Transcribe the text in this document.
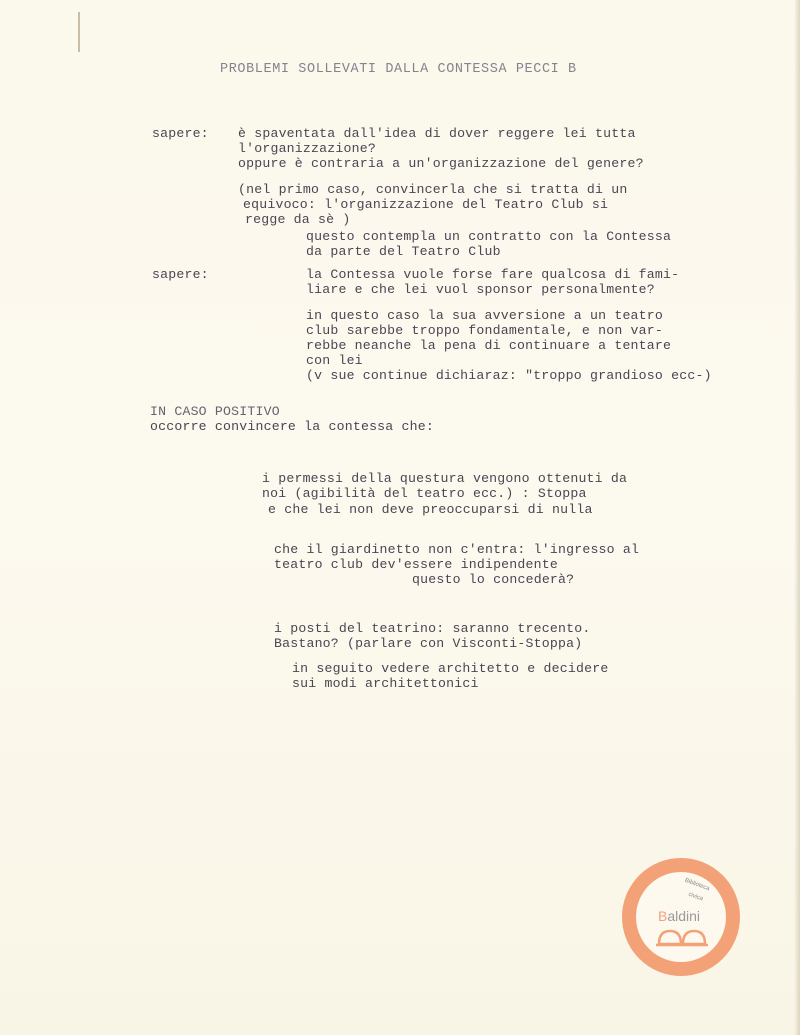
PROBLEMI SOLLEVATI DALLA CONTESSA PECCI B
sapere: è spaventata dall'idea di dover reggere lei tutta
l'organizzazione?
oppure è contraria a un'organizzazione del genere?
(nel primo caso, convincerla che si tratta di un
equivoco: l'organizzazione del Teatro Club si
regge da sè )
questo contempla un contratto con la Contessa
da parte del Teatro Club
sapere:	la Contessa vuole forse fare qualcosa di fami-
liare e che lei vuol sponsor personalmente?
in questo caso la sua avversione a un teatro
club sarebbe troppo fondamentale, e non var-
rebbe neanche la pena di continuare a tentare
con lei
(v sue continue dichiaraz: "troppo grandioso ecc-)
IN CASO POSITIVO
occorre convincere la contessa che:
i permessi della questura vengono ottenuti da
noi (agibilità del teatro ecc.) : Stoppa
e che lei non deve preoccuparsi di nulla
che il giardinetto non c'entra: l'ingresso al
teatro club dev'essere indipendente
questo lo concederà?
i posti del teatrino: saranno trecento.
Bastano? (parlare con Visconti-Stoppa)
in seguito vedere architetto e decidere
sui modi architettonici
Biblioteca
civica
Baldini
